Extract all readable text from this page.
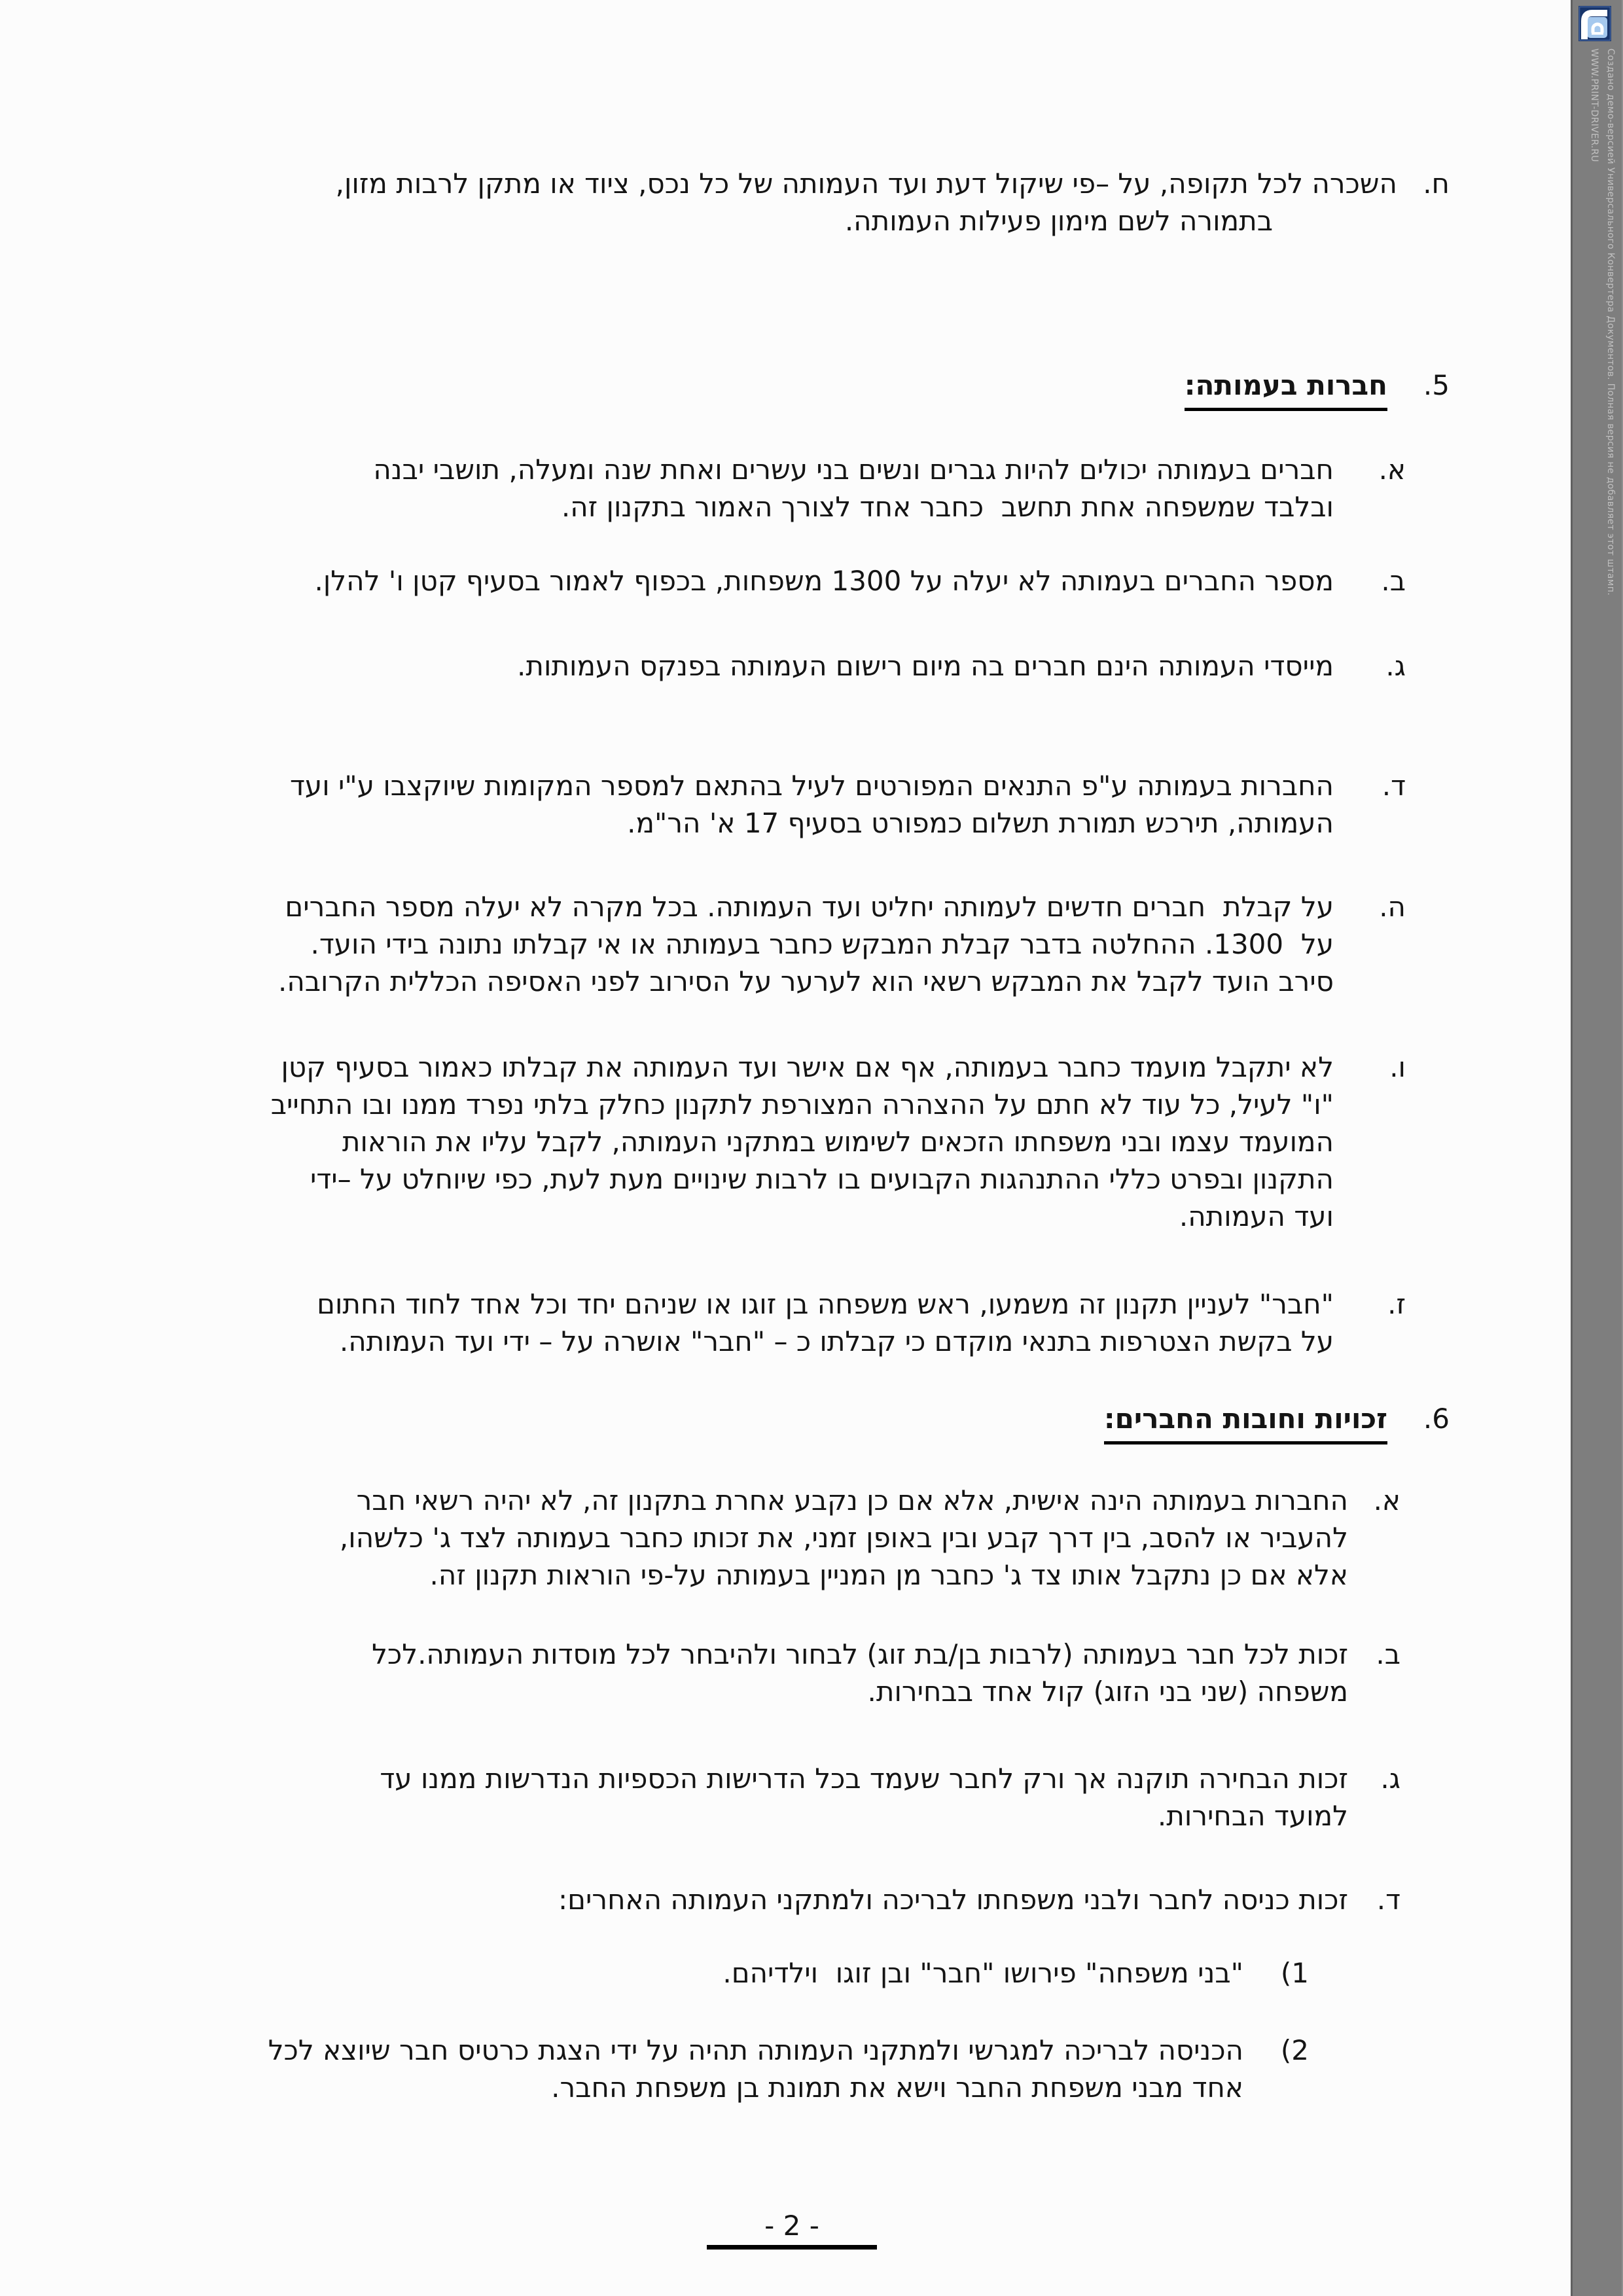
ח.
השכרה לכל תקופה, על –פי שיקול דעת ועד העמותה של כל נכס, ציוד או מתקן לרבות מזון,
בתמורה לשם מימון פעילות העמותה.
5.
חברות בעמותה:
א.
חברים בעמותה יכולים להיות גברים ונשים בני עשרים ואחת שנה ומעלה, תושבי יבנה
ובלבד שמשפחה אחת תחשב  כחבר אחד לצורך האמור בתקנון זה.
ב.
מספר החברים בעמותה לא יעלה על 1300 משפחות, בכפוף לאמור בסעיף קטן ו' להלן.
ג.
מייסדי העמותה הינם חברים בה מיום רישום העמותה בפנקס העמותות.
ד.
החברות בעמותה ע"פ התנאים המפורטים לעיל בהתאם למספר המקומות שיוקצבו ע"י ועד
העמותה, תירכש תמורת תשלום כמפורט בסעיף 17 א' הר"מ.
ה.
על קבלת  חברים חדשים לעמותה יחליט ועד העמותה. בכל מקרה לא יעלה מספר החברים
על  1300. ההחלטה בדבר קבלת המבקש כחבר בעמותה או אי קבלתו נתונה בידי הועד.
סירב הועד לקבל את המבקש רשאי הוא לערער על הסירוב לפני האסיפה הכללית הקרובה.
ו.
לא יתקבל מועמד כחבר בעמותה, אף אם אישר ועד העמותה את קבלתו כאמור בסעיף קטן
"ו" לעיל, כל עוד לא חתם על ההצהרה המצורפת לתקנון כחלק בלתי נפרד ממנו ובו התחייב
המועמד עצמו ובני משפחתו הזכאים לשימוש במתקני העמותה, לקבל עליו את הוראות
התקנון ובפרט כללי ההתנהגות הקבועים בו לרבות שינויים מעת לעת, כפי שיוחלט על –ידי
ועד העמותה.
ז.
"חבר" לעניין תקנון זה משמעו, ראש משפחה בן זוגו או שניהם יחד וכל אחד לחוד החתום
על בקשת הצטרפות בתנאי מוקדם כי קבלתו כ – "חבר" אושרה על – ידי ועד העמותה.
6.
זכויות וחובות החברים:
א.
החברות בעמותה הינה אישית, אלא אם כן נקבע אחרת בתקנון זה, לא יהיה רשאי חבר
להעביר או להסב, בין דרך קבע ובין באופן זמני, את זכותו כחבר בעמותה לצד ג' כלשהו,
אלא אם כן נתקבל אותו צד ג' כחבר מן המניין בעמותה על-פי הוראות תקנון זה.
ב.
זכות לכל חבר בעמותה (לרבות בן/בת זוג) לבחור ולהיבחר לכל מוסדות העמותה.לכל
משפחה (שני בני הזוג) קול אחד בבחירות.
ג.
זכות הבחירה תוקנה אך ורק לחבר שעמד בכל הדרישות הכספיות הנדרשות ממנו עד
למועד הבחירות.
ד.
זכות כניסה לחבר ולבני משפחתו לבריכה ולמתקני העמותה האחרים:
1)
"בני משפחה" פירושו "חבר" ובן זוגו  וילדיהם.
2)
הכניסה לבריכה למגרשי ולמתקני העמותה תהיה על ידי הצגת כרטיס חבר שיוצא לכל
אחד מבני משפחת החבר וישא את תמונת בן משפחת החבר.
- 2 -
Создано демо-версией Универсального Конвертера Документов. Полная версия не добавляет этот штамп.
WWW.PRINT-DRIVER.RU
